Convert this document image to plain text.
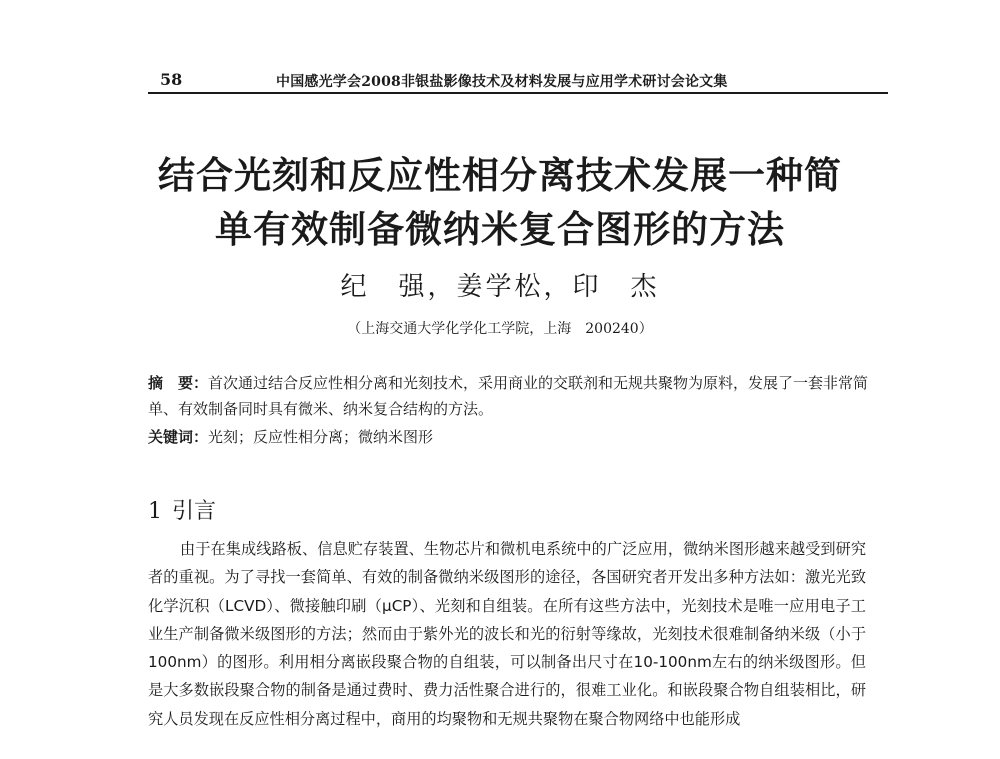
58	中国感光学会2008非银盐影像技术及材料发展与应用学术研讨会论文集
结合光刻和反应性相分离技术发展一种简
单有效制备微纳米复合图形的方法
纪　强，姜学松，印　杰
（上海交通大学化学化工学院，上海　200240）
摘　要：首次通过结合反应性相分离和光刻技术，采用商业的交联剂和无规共聚物为原料，发展了一套非常简单、有效制备同时具有微米、纳米复合结构的方法。
关键词：光刻；反应性相分离；微纳米图形
1 引言

由于在集成线路板、信息贮存装置、生物芯片和微机电系统中的广泛应用，微纳米图形越来越受到研究者的重视。为了寻找一套简单、有效的制备微纳米级图形的途径，各国研究者开发出多种方法如：激光光致化学沉积（LCVD）、微接触印刷（μCP）、光刻和自组装。在所有这些方法中，光刻技术是唯一应用电子工业生产制备微米级图形的方法；然而由于紫外光的波长和光的衍射等缘故，光刻技术很难制备纳米级（小于100nm）的图形。利用相分离嵌段聚合物的自组装，可以制备出尺寸在10-100nm左右的纳米级图形。但是大多数嵌段聚合物的制备是通过费时、费力活性聚合进行的，很难工业化。和嵌段聚合物自组装相比，研究人员发现在反应性相分离过程中，商用的均聚物和无规共聚物在聚合物网络中也能形成
